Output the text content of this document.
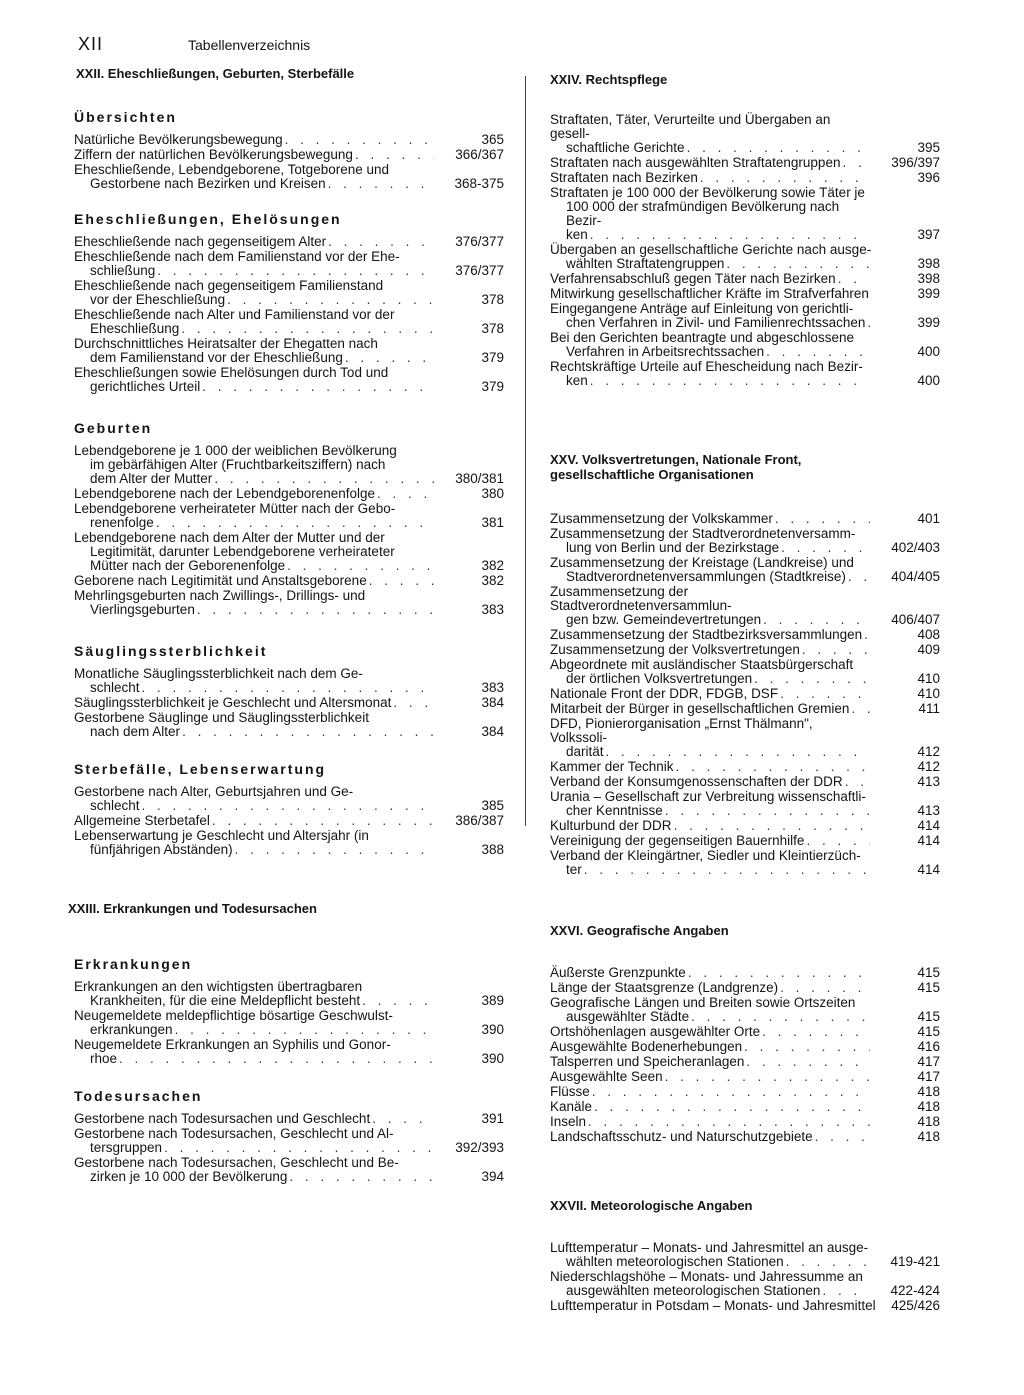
XII	Tabellenverzeichnis
XXII. Eheschließungen, Geburten, Sterbefälle
Übersichten
Natürliche Bevölkerungsbewegung . . .	365
Ziffern der natürlichen Bevölkerungsbewegung . . .	366/367
Eheschließende, Lebendgeborene, Totgeborene und
Gestorbene nach Bezirken und Kreisen . . .	368-375
Eheschließungen, Ehelösungen
Eheschließende nach gegenseitigem Alter . . .	376/377
Eheschließende nach dem Familienstand vor der Ehe-
schließung . . .	376/377
Eheschließende nach gegenseitigem Familienstand
vor der Eheschließung . . .	378
Eheschließende nach Alter und Familienstand vor der
Eheschließung . . .	378
Durchschnittliches Heiratsalter der Ehegatten nach
dem Familienstand vor der Eheschließung . . .	379
Eheschließungen sowie Ehelösungen durch Tod und
gerichtliches Urteil . . .	379
Geburten
Lebendgeborene je 1 000 der weiblichen Bevölkerung
im gebärfähigen Alter (Fruchtbarkeitsziffern) nach
dem Alter der Mutter . . .	380/381
Lebendgeborene nach der Lebendgeborenenfolge . . .	380
Lebendgeborene verheirateter Mütter nach der Gebo-
renenfolge . . .	381
Lebendgeborene nach dem Alter der Mutter und der
Legitimität, darunter Lebendgeborene verheirateter
Mütter nach der Geborenenfolge . . .	382
Geborene nach Legitimität und Anstaltsgeborene . . .	382
Mehrlingsgeburten nach Zwillings-, Drillings- und
Vierlingsgeburten . . .	383
Säuglingssterblichkeit
Monatliche Säuglingssterblichkeit nach dem Ge-
schlecht . . .	383
Säuglingssterblichkeit je Geschlecht und Altersmonat . . .	384
Gestorbene Säuglinge und Säuglingssterblichkeit
nach dem Alter . . .	384
Sterbefälle, Lebenserwartung
Gestorbene nach Alter, Geburtsjahren und Ge-
schlecht . . .	385
Allgemeine Sterbetafel . . .	386/387
Lebenserwartung je Geschlecht und Altersjahr (in
fünfjährigen Abständen) . . .	388
XXIII. Erkrankungen und Todesursachen
Erkrankungen
Erkrankungen an den wichtigsten übertragbaren
Krankheiten, für die eine Meldepflicht besteht . . .	389
Neugemeldete meldepflichtige bösartige Geschwulst-
erkrankungen . . .	390
Neugemeldete Erkrankungen an Syphilis und Gonor-
rhoe . . .	390
Todesursachen
Gestorbene nach Todesursachen und Geschlecht . . .	391
Gestorbene nach Todesursachen, Geschlecht und Al-
tersgruppen . . .	392/393
Gestorbene nach Todesursachen, Geschlecht und Be-
zirken je 10 000 der Bevölkerung . . .	394
XXIV. Rechtspflege
Straftaten, Täter, Verurteilte und Übergaben an gesell-
schaftliche Gerichte . . .	395
Straftaten nach ausgewählten Straftatengruppen . . .	396/397
Straftaten nach Bezirken . . .	396
Straftaten je 100 000 der Bevölkerung sowie Täter je
100 000 der strafmündigen Bevölkerung nach Bezir-
ken . . .	397
Übergaben an gesellschaftliche Gerichte nach ausge-
wählten Straftatengruppen . . .	398
Verfahrensabschluß gegen Täter nach Bezirken . . .	398
Mitwirkung gesellschaftlicher Kräfte im Strafverfahren	399
Eingegangene Anträge auf Einleitung von gerichtli-
chen Verfahren in Zivil- und Familienrechtssachen . . .	399
Bei den Gerichten beantragte und abgeschlossene
Verfahren in Arbeitsrechtssachen . . .	400
Rechtskräftige Urteile auf Ehescheidung nach Bezir-
ken . . .	400
XXV. Volksvertretungen, Nationale Front,
gesellschaftliche Organisationen
Zusammensetzung der Volkskammer . . .	401
Zusammensetzung der Stadtverordnetenversamm-
lung von Berlin und der Bezirkstage . . .	402/403
Zusammensetzung der Kreistage (Landkreise) und
Stadtverordnetenversammlungen (Stadtkreise) . . .	404/405
Zusammensetzung der Stadtverordnetenversammlun-
gen bzw. Gemeindevertretungen . . .	406/407
Zusammensetzung der Stadtbezirksversammlungen . . .	408
Zusammensetzung der Volksvertretungen . . .	409
Abgeordnete mit ausländischer Staatsbürgerschaft
der örtlichen Volksvertretungen . . .	410
Nationale Front der DDR, FDGB, DSF . . .	410
Mitarbeit der Bürger in gesellschaftlichen Gremien . . .	411
DFD, Pionierorganisation „Ernst Thälmann", Volkssoli-
darität . . .	412
Kammer der Technik . . .	412
Verband der Konsumgenossenschaften der DDR . . .	413
Urania – Gesellschaft zur Verbreitung wissenschaftli-
cher Kenntnisse . . .	413
Kulturbund der DDR . . .	414
Vereinigung der gegenseitigen Bauernhilfe . . .	414
Verband der Kleingärtner, Siedler und Kleintierzüch-
ter . . .	414
XXVI. Geografische Angaben
Äußerste Grenzpunkte . . .	415
Länge der Staatsgrenze (Landgrenze) . . .	415
Geografische Längen und Breiten sowie Ortszeiten
ausgewählter Städte . . .	415
Ortshöhenlagen ausgewählter Orte . . .	415
Ausgewählte Bodenerhebungen . . .	416
Talsperren und Speicheranlagen . . .	417
Ausgewählte Seen . . .	417
Flüsse . . .	418
Kanäle . . .	418
Inseln . . .	418
Landschaftsschutz- und Naturschutzgebiete . . .	418
XXVII. Meteorologische Angaben
Lufttemperatur – Monats- und Jahresmittel an ausge-
wählten meteorologischen Stationen . . .	419-421
Niederschlagshöhe – Monats- und Jahressumme an
ausgewählten meteorologischen Stationen . . .	422-424
Lufttemperatur in Potsdam – Monats- und Jahresmittel 425/426
